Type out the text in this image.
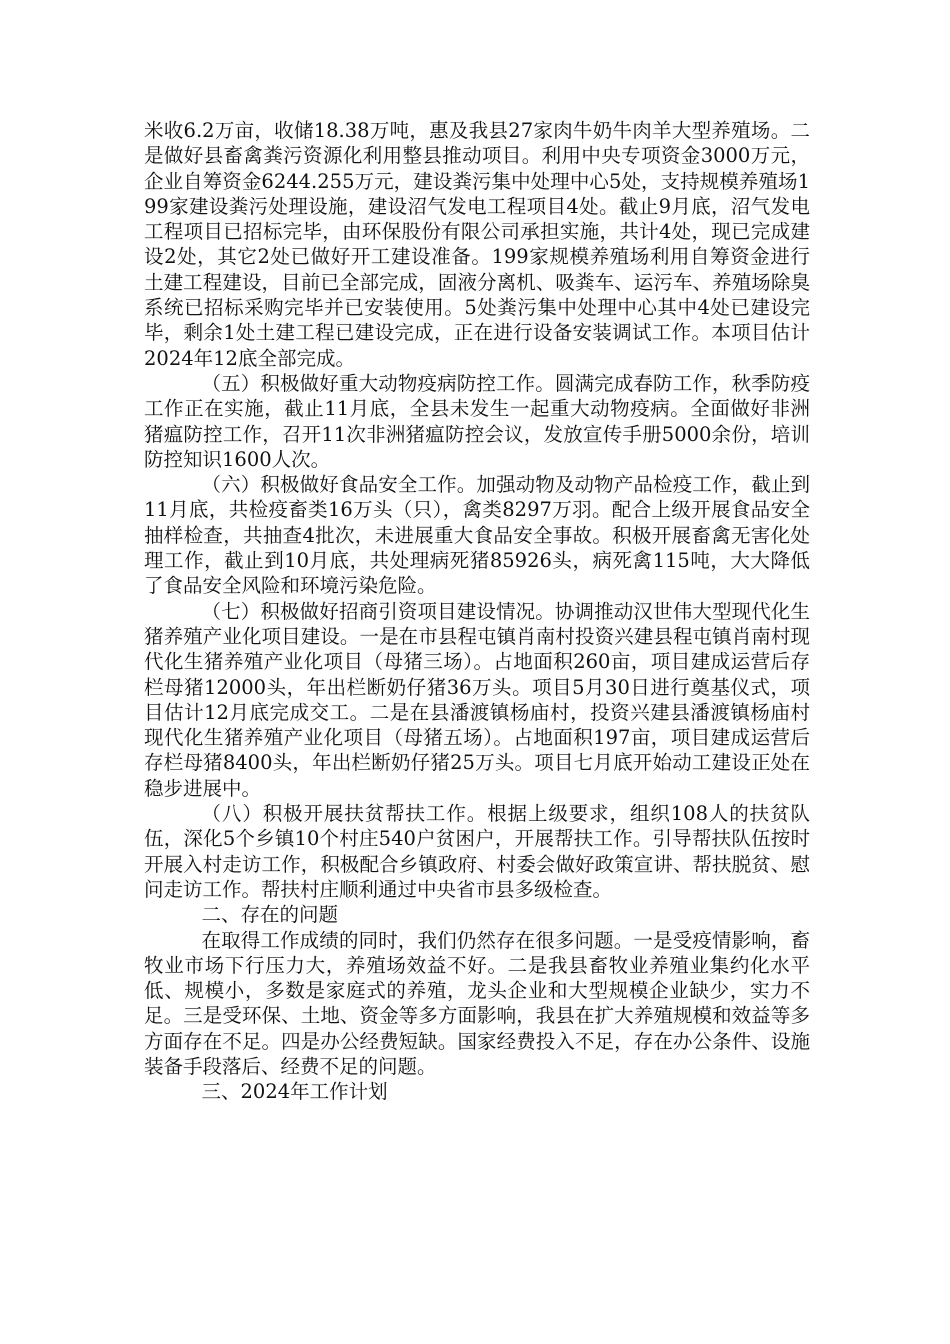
米收6.2万亩，收储18.38万吨，惠及我县27家肉牛奶牛肉羊大型养殖场。二是做好县畜禽粪污资源化利用整县推动项目。利用中央专项资金3000万元，企业自筹资金6244.255万元，建设粪污集中处理中心5处，支持规模养殖场199家建设粪污处理设施，建设沼气发电工程项目4处。截止9月底，沼气发电工程项目已招标完毕，由环保股份有限公司承担实施，共计4处，现已完成建设2处，其它2处已做好开工建设准备。199家规模养殖场利用自筹资金进行土建工程建设，目前已全部完成，固液分离机、吸粪车、运污车、养殖场除臭系统已招标采购完毕并已安装使用。5处粪污集中处理中心其中4处已建设完毕，剩余1处土建工程已建设完成，正在进行设备安装调试工作。本项目估计2024年12底全部完成。

（五）积极做好重大动物疫病防控工作。圆满完成春防工作，秋季防疫工作正在实施，截止11月底，全县未发生一起重大动物疫病。全面做好非洲猪瘟防控工作，召开11次非洲猪瘟防控会议，发放宣传手册5000余份，培训防控知识1600人次。

（六）积极做好食品安全工作。加强动物及动物产品检疫工作，截止到11月底，共检疫畜类16万头（只），禽类8297万羽。配合上级开展食品安全抽样检查，共抽查4批次，未进展重大食品安全事故。积极开展畜禽无害化处理工作，截止到10月底，共处理病死猪85926头，病死禽115吨，大大降低了食品安全风险和环境污染危险。

（七）积极做好招商引资项目建设情况。协调推动汉世伟大型现代化生猪养殖产业化项目建设。一是在市县程屯镇肖南村投资兴建县程屯镇肖南村现代化生猪养殖产业化项目（母猪三场）。占地面积260亩，项目建成运营后存栏母猪12000头，年出栏断奶仔猪36万头。项目5月30日进行奠基仪式，项目估计12月底完成交工。二是在县潘渡镇杨庙村，投资兴建县潘渡镇杨庙村现代化生猪养殖产业化项目（母猪五场）。占地面积197亩，项目建成运营后存栏母猪8400头，年出栏断奶仔猪25万头。项目七月底开始动工建设正处在稳步进展中。

（八）积极开展扶贫帮扶工作。根据上级要求，组织108人的扶贫队伍，深化5个乡镇10个村庄540户贫困户，开展帮扶工作。引导帮扶队伍按时开展入村走访工作，积极配合乡镇政府、村委会做好政策宣讲、帮扶脱贫、慰问走访工作。帮扶村庄顺利通过中央省市县多级检查。

二、存在的问题

在取得工作成绩的同时，我们仍然存在很多问题。一是受疫情影响，畜牧业市场下行压力大，养殖场效益不好。二是我县畜牧业养殖业集约化水平低、规模小，多数是家庭式的养殖，龙头企业和大型规模企业缺少，实力不足。三是受环保、土地、资金等多方面影响，我县在扩大养殖规模和效益等多方面存在不足。四是办公经费短缺。国家经费投入不足，存在办公条件、设施装备手段落后、经费不足的问题。

三、2024年工作计划
